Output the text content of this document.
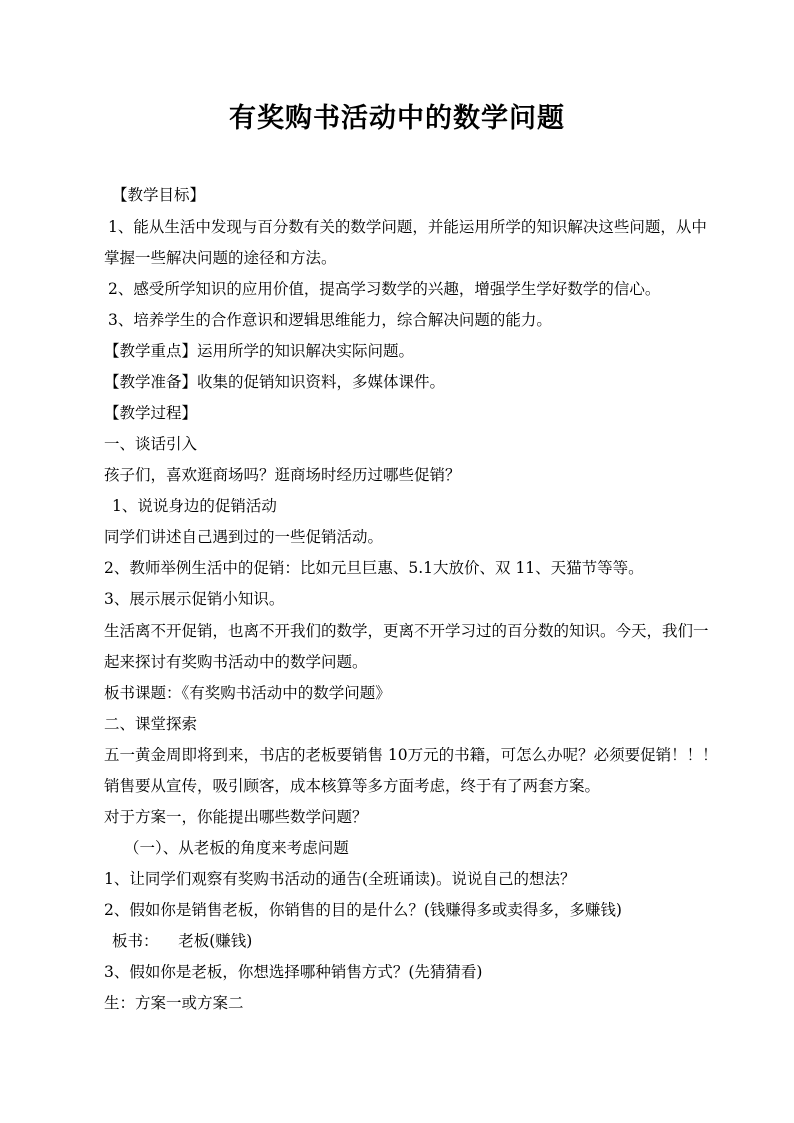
有奖购书活动中的数学问题
【教学目标】
1、能从生活中发现与百分数有关的数学问题，并能运用所学的知识解决这些问题，从中
掌握一些解决问题的途径和方法。
2、感受所学知识的应用价值，提高学习数学的兴趣，增强学生学好数学的信心。
3、培养学生的合作意识和逻辑思维能力，综合解决问题的能力。
【教学重点】运用所学的知识解决实际问题。
【教学准备】收集的促销知识资料，多媒体课件。
【教学过程】
一、谈话引入
孩子们，喜欢逛商场吗？逛商场时经历过哪些促销？
1、说说身边的促销活动
同学们讲述自己遇到过的一些促销活动。
2、教师举例生活中的促销：比如元旦巨惠、5.1大放价、双 11、天猫节等等。
3、展示展示促销小知识。
生活离不开促销，也离不开我们的数学，更离不开学习过的百分数的知识。今天，我们一
起来探讨有奖购书活动中的数学问题。
板书课题：《有奖购书活动中的数学问题》
二、课堂探索
五一黄金周即将到来，书店的老板要销售 10万元的书籍，可怎么办呢？必须要促销！！！
销售要从宣传，吸引顾客，成本核算等多方面考虑，终于有了两套方案。
对于方案一，你能提出哪些数学问题？
（一）、从老板的角度来考虑问题
1、让同学们观察有奖购书活动的通告(全班诵读)。说说自己的想法？
2、假如你是销售老板，你销售的目的是什么？(钱赚得多或卖得多，多赚钱)
板书：    老板(赚钱)
3、假如你是老板，你想选择哪种销售方式？(先猜猜看)
生：方案一或方案二
